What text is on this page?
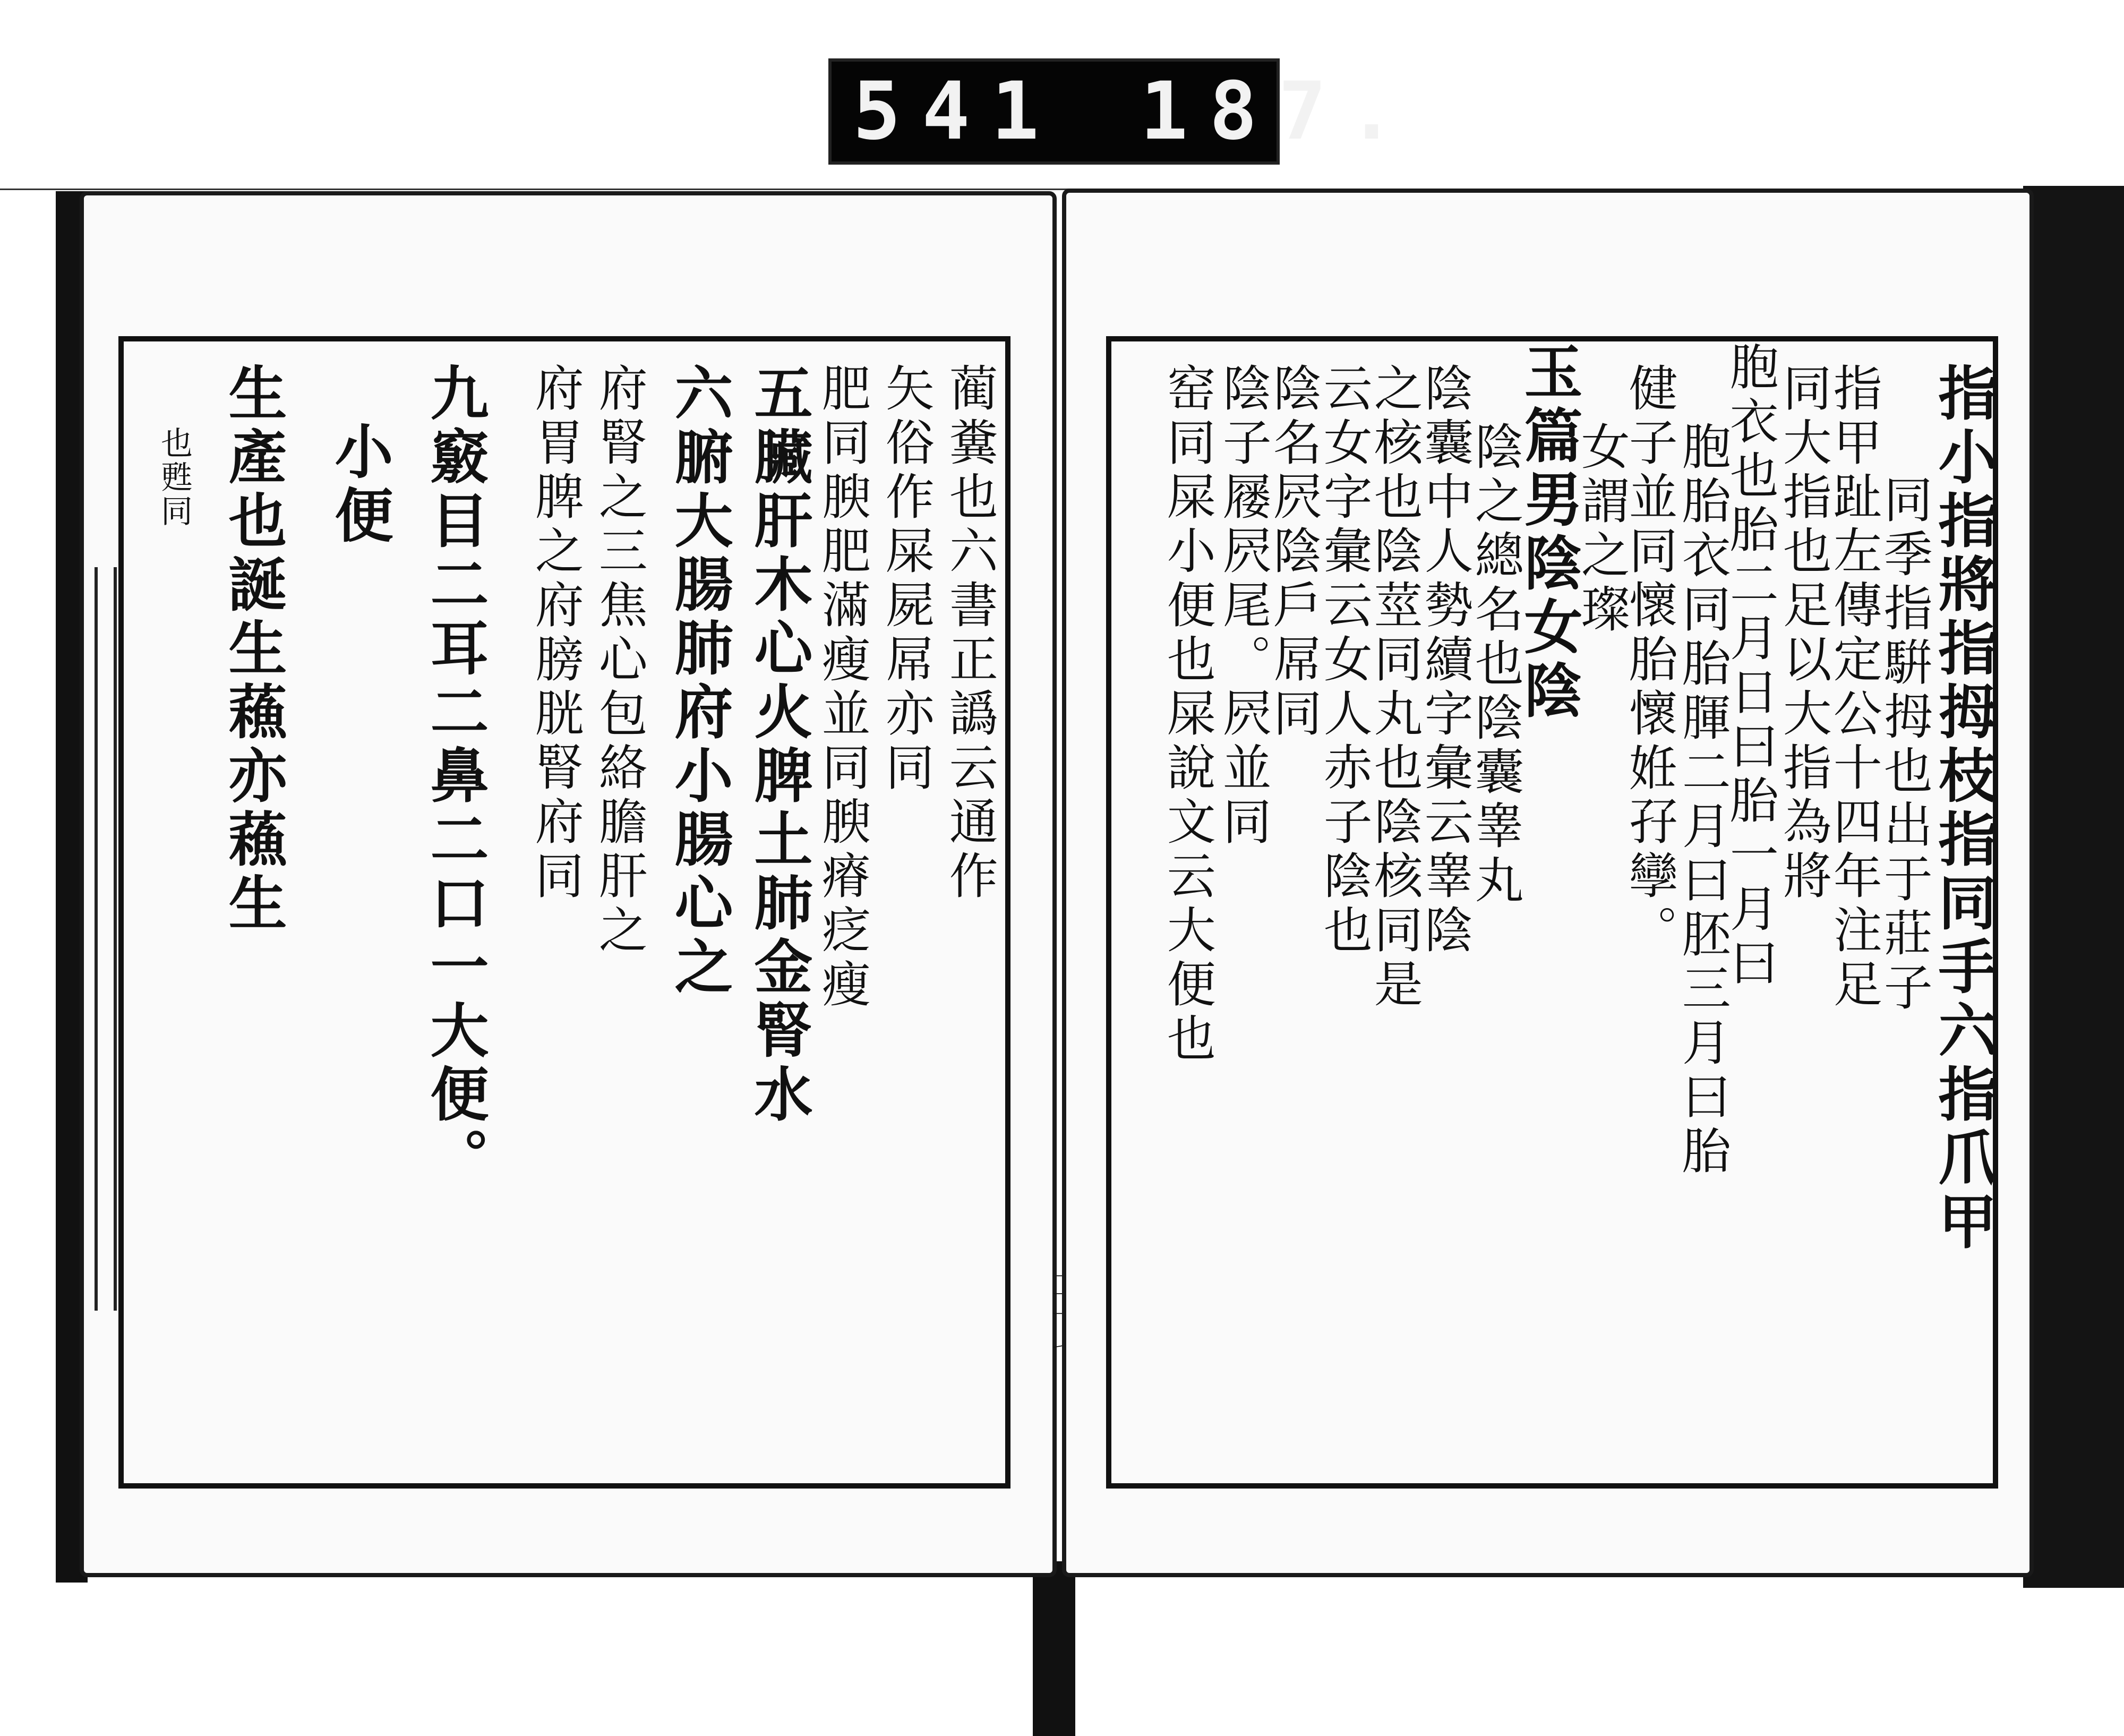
541 187.
蔺糞也六書正譌云通作
矢俗作屎屍屌亦同
肥同腴肥滿瘦並同腴瘠疺瘦
五臟肝木心火脾土肺金腎水
六腑大腸肺府小腸心之
府腎之三焦心包絡膽肝之
府胃脾之府膀胱腎府同
九竅目二耳二鼻二口一大便。
小便
生產也誕生蘓亦蘓生
也甦同	指小指將指拇枝指同手六指爪甲
同季指騈拇也出于莊子
指甲趾左傳定公十四年注足
同大指也足以大指為將
胞衣也胎二月日曰胎一月曰
胞胎衣同胎腪二月曰胚三月曰胎
健子並同懷胎懷姙孖孿。
女謂之璨
玉篇男陰女陰
陰之總名也陰囊睾丸
陰囊中人勢續字彙云睾陰
之核也陰莖同丸也陰核同是
云女字彙云女人赤子陰也
陰名屄陰戶屌同
陰子屦屄尾。屄並同
窑同屎小便也屎說文云大便也
